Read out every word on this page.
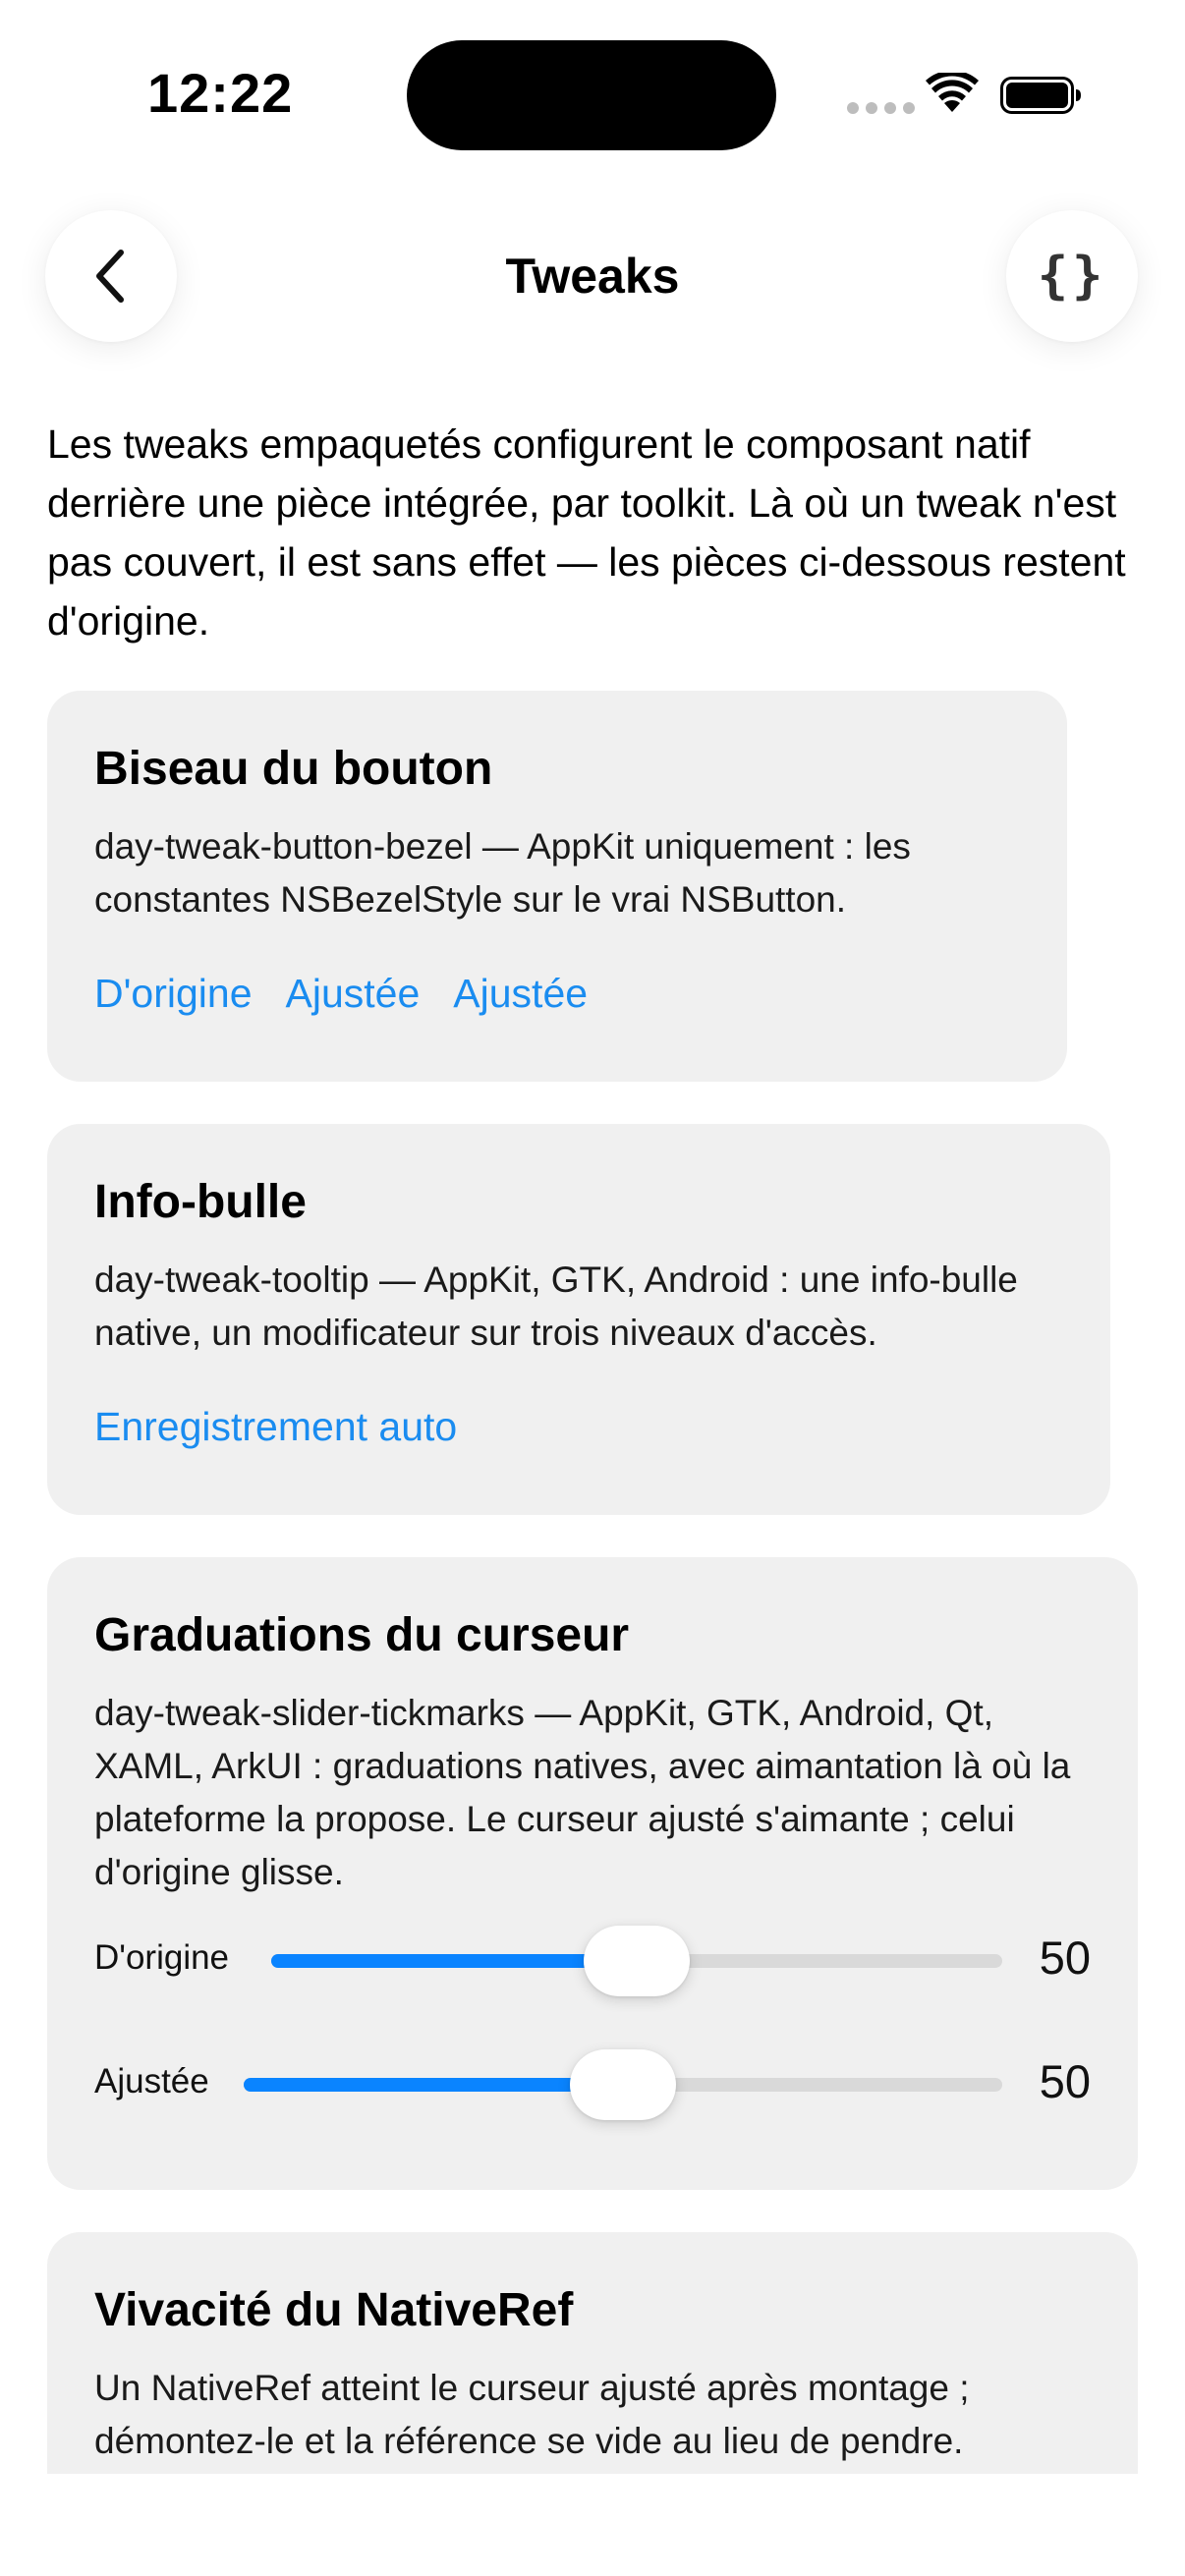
12:22
Tweaks	{}
Les tweaks empaquetés configurent le composant natif derrière une pièce intégrée, par toolkit. Là où un tweak n'est pas couvert, il est sans effet — les pièces ci-dessous restent d'origine.
Biseau du bouton
day-tweak-button-bezel — AppKit uniquement : les constantes NSBezelStyle sur le vrai NSButton.
D'origine Ajustée Ajustée
Info-bulle
day-tweak-tooltip — AppKit, GTK, Android : une info-bulle native, un modificateur sur trois niveaux d'accès.
Enregistrement auto
Graduations du curseur
day-tweak-slider-tickmarks — AppKit, GTK, Android, Qt, XAML, ArkUI : graduations natives, avec aimantation là où la plateforme la propose. Le curseur ajusté s'aimante ; celui d'origine glisse.
D'origine	50
Ajustée	50
Vivacité du NativeRef
Un NativeRef atteint le curseur ajusté après montage ; démontez-le et la référence se vide au lieu de pendre.
